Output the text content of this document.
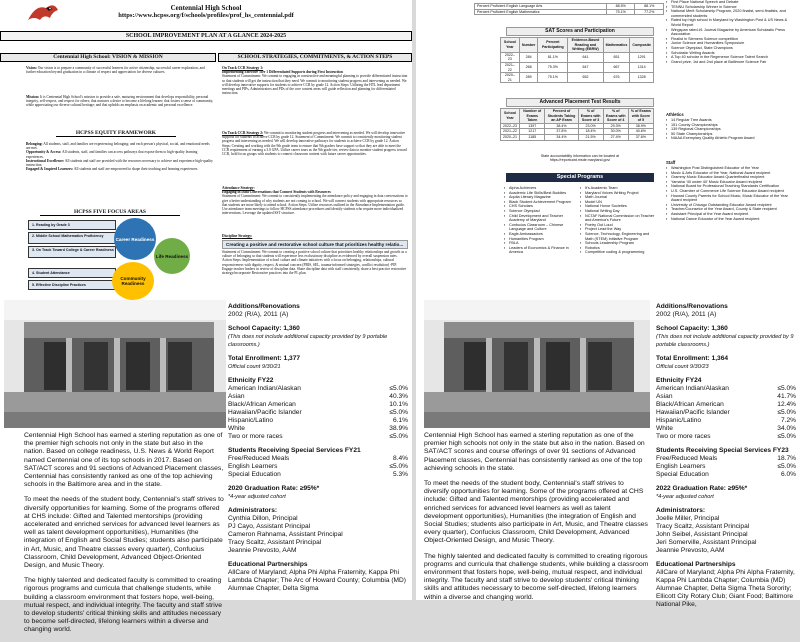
Centennial High School
https://www.hcpss.org/f/schools/profiles/prof_hs_centennial.pdf
SCHOOL IMPROVEMENT PLAN AT A GLANCE 2024-2025
Centennial High School: VISION & MISSION	SCHOOL STRATEGIES, COMMITMENTS, & ACTION STEPS
Vision: Our vision is to prepare a community of successful learners for active citizenship, successful career exploration, and further education beyond graduation in a climate of respect and appreciation for diverse cultures.
Mission: It is Centennial High School's mission to provide a safe, nurturing environment that develops responsibility, personal integrity, self-respect, and respect for others; that nurtures a desire to become a lifelong learner; that fosters a sense of community, while appreciating our diverse cultural heritage; and that upholds an emphasis on academic and personal excellence.
HCPSS EQUITY FRAMEWORK
Belonging: All students, staff, and families are experiencing belonging; and each person's physical, social, and emotional needs are met.
Opportunity & Access: All students, staff, and families can access pathways that expose them to high-quality learning experiences.
Instructional Excellence: All students and staff are provided with the resources necessary to achieve and experience high-quality instruction.
Engaged & Inspired Learners: All students and staff are empowered to shape their teaching and learning experiences.
HCPSS FIVE FOCUS AREAS
1. Reading by Grade 3
2. Middle School Mathematics Proficiency
3. On Track Toward College & Career Readiness
4. Student Attendance
5. Effective Discipline Practices
Career Readiness
Life Readiness
Community Readiness
On Track CCR Strategy 1:
Implementing Effective Tier 1 Differentiated Supports during First Instruction
Statement of Commitment: We commit to engaging in constructive and meaningful planning to provide differentiated instruction so that students will get the instruction that they need. We commit to monitoring student progress and intervening as needed. We will develop innovative supports for students to achieve CCR by grade 12. Action Steps: Utilizing the HTL lead department meetings and PIPs, Administrators and PDs of the core content areas will guide reflection and planning for differentiated instruction.
On Track CCR Strategy 2: We commit to monitoring student progress and intervening as needed. We will develop innovative supports for students to achieve CCR by grade 12. Statement of Commitment: We commit to consistently monitoring student progress and intervening as needed. We will develop innovative pathways for students to achieve CCR by grade 12. Action Steps: Creating and working with the 9th grade team to ensure that 9th graders have support so that they are able to meet the CCR requirement of earning a 3.0 GPA. Utilize career tours as the 9th grade tier, review data to monitor student progress toward CCR, hold focus groups with students to connect classroom content with future career opportunities.
Attendance Strategy:
Engaging in Data Conversations that Connect Students with Resources
Statement of Commitment: We commit to consistently implementing the attendance policy and engaging in data conversations to give a better understanding of why students are not coming to school. We will connect students with appropriate resources so that students are more likely to attend school. Action Steps: Utilize resources outlined in the Attendance Implementation guide. Use attendance team meetings to follow HCPSS attendance procedures and identify students who require more individualized interventions. Leverage the updated SST structure.
Discipline Strategy:
Creating a positive and restorative school culture that prioritizes healthy relatio...
Statement of Commitment: We commit to creating a positive school culture that prioritizes healthy relationships and growth as a culture of belonging so that students will experience less exclusionary discipline as evidenced by overall suspension rates. Action Steps: Implementation of school culture and climate initiatives with a focus on belonging, relationships, cultural responsiveness with dignity, respect, & mutual concern (PBIS, SEL, trauma-informed strategies, conflict resolution) -PIP. Engage teacher leaders in review of discipline data. Share discipline data with staff consistently, share a best practice restorative strategy/incorporate Restorative practices into the PL plan.
Percent Proficient English Language Arts	88.5%	88.1%
Percent Proficient English Mathematics	75.1%	77.2%
SAT Scores and Participation
School Year	Number	Percent Participating	Evidence-Based Reading and Writing (EBRW)	Mathematics	Composite
2022–23	284	81.1%	641	651	1291
2021–22	268	75.3%	647	667	1314
2020–21	289	75.1%	652	676	1328
Advanced Placement Test Results
School Year	Number of Exams Taken	Percent of Students Taking an AP Exam	% of Exams with Score of 3	% of Exams with Score of 4	% of Exams with Score of 5
2022–23	1397	38.4%	23.0%	29.3%	38.9%
2021–22	1217	37.8%	18.4%	30.0%	40.6%
2020–21	1185	34.4%	21.5%	27.4%	37.6%
State accountability information can be located at https://reportcard.msde.maryland.gov/
Special Programs
▪ Alpha Achievers
▪ Academic Life Skills/Best Buddies
▪ Aquila Literary Magazine
▪ Black Student Achievement Program
▪ CHS Scholars
▪ Science Olympiad
▪ Child Development and Teacher Academy of Maryland
▪ Confucius Classroom – Chinese Language and Culture
▪ Eagle Ambassadors
▪ Humanities Program
▪ FBLA
▪ Leaders of Economics & Finance in America
▪ It's Academic Team
▪ Maryland Voices Writing Project
▪ Math Journal
▪ Model UN
▪ National Honor Societies
▪ National Writing Day
▪ NCTAF National Commission on Teacher and America's Future
▪ Poetry Out Loud
▪ Project Lead the Way
▪ Science, Technology, Engineering and Math (STEM) Initiative Program
▪ Schools Leadership Program
▪ Robotics
▪ Competitive coding & programming
▪ First Place National Speech and Debate
▪ TENNU Scholarship Winner in Science
▪ National Merit Scholarship Program, 2020 finalist, semi-finalists, and commended students
▪ Rated top high school in Maryland by Washington Post & US News & World Report
▪ Wingspan rated #1 Journal Magazine by American Scholastic Press Association
▪ Finalist in Siemens Science competition
▪ Junior Science and Humanities Symposium
▪ Science Olympiad, State Champions
▪ Scholastic Writing Awards
▪ A Top 40 scholar in the Regeneron Science Talent Search
▪ Grand prize, 1st and 2nd place at Baltimore Science Fair
Athletics
▪ 14 Regular Tree Awards
▪ 151 County Championships
▪ 139 Regional Championships
▪ 50 State Championships
▪ NIAAA Exemplary Quality Athletic Program Award
Staff
▪ Washington Post Distinguished Educator of the Year
▪ Music & Arts Educator of the Year, National Award recipient
▪ Grammy Music Educator Award Quarterfinalist recipient
▪ Yamaha ‘40 under 40’ Music Educator Award recipient
▪ National Board for Professional Teaching Standards Certification
▪ U.S. Chamber of Commerce Life Science Educator Award recipient
▪ Howard County Parents for School Music, Music Educator of the Year Award recipient
▪ University of Chicago Outstanding Educator Award recipient
▪ Teacher/Counselor of the Year Award, County & State recipient
▪ Assistant Principal of the Year Award recipient
▪ National Dance Educator of the Year Award recipient
Additions/Renovations
2002 (R/A), 2011 (A)
School Capacity: 1,360
(This does not include additional capacity provided by 9 portable classrooms.)
Total Enrollment: 1,377
Official count 9/30/21
Ethnicity FY22
American Indian/Alaskan	≤5.0%
Asian	40.3%
Black/African American	10.1%
Hawaiian/Pacific Islander	≤5.0%
Hispanic/Latino	6.1%
White	38.9%
Two or more races	≤5.0%
Students Receiving Special Services FY21
Free/Reduced Meals	8.4%
English Learners	≤5.0%
Special Education	5.3%
2020 Graduation Rate: ≥95%*
*4-year adjusted cohort
Administrators:
Cynthia Dillon, Principal
PJ Cayo, Assistant Principal
Cameron Rahnama, Assistant Principal
Tracy Scaltz, Assistant Principal
Jeannie Prevosto, AAM
Educational Partnerships
AllCare of Maryland; Alpha Phi Alpha Fraternity, Kappa Phi Lambda Chapter; The Arc of Howard County; Columbia (MD) Alumnae Chapter, Delta Sigma

Centennial High School has earned a sterling reputation as one of the premier high schools not only in the state but also in the nation. Based on college readiness, U.S. News & World Report named Centennial one of its top schools in 2017. Based on SAT/ACT scores and 91 sections of Advanced Placement classes, Centennial has consistently ranked as one of the top achieving schools in the Baltimore area and in the state.

To meet the needs of the student body, Centennial's staff strives to diversify opportunities for learning. Some of the programs offered at CHS include: Gifted and Talented mentorships (providing accelerated and enriched services for advanced level learners as well as talent development opportunities), Humanities (the integration of English and Social Studies; students also participate in Art, Music, and Theatre classes every quarter), Confucius Classroom, Child Development, Advanced Object-Oriented Design, and Music Theory.

The highly talented and dedicated faculty is committed to creating rigorous programs and curricula that challenge students, while building a classroom environment that fosters hope, well-being, mutual respect, and individual integrity. The faculty and staff strive to develop students' critical thinking skills and attitudes necessary to become self-directed, lifelong learners within a diverse and changing world.

Additions/Renovations
2002 (R/A), 2011 (A)
School Capacity: 1,360
(This does not include additional capacity provided by 9 portable classrooms.)
Total Enrollment: 1,364
Official count 9/30/23
Ethnicity FY24
American Indian/Alaskan	≤5.0%
Asian	41.7%
Black/African American	12.4%
Hawaiian/Pacific Islander	≤5.0%
Hispanic/Latino	7.2%
White	34.0%
Two or more races	≤5.0%
Students Receiving Special Services FY23
Free/Reduced Meals	18.7%
English Learners	≤5.0%
Special Education	6.0%
2022 Graduation Rate: ≥95%*
*4-year adjusted cohort
Administrators:
Joelle Miller, Principal
Tracy Scaltz, Assistant Principal
John Seibel, Assistant Principal
Jeri Somerville, Assistant Principal
Jeannie Prevosto, AAM
Educational Partnerships
AllCare of Maryland; Alpha Phi Alpha Fraternity, Kappa Phi Lambda Chapter; Columbia (MD) Alumnae Chapter, Delta Sigma Theta Sorority; Ellicott City Rotary Club; Giant Food; Baltimore National Pike,

Centennial High School has earned a sterling reputation as one of the premier high schools not only in the state but also in the nation. Based on SAT/ACT scores and course offerings of over 91 sections of Advanced Placement classes, Centennial has consistently ranked as one of the top achieving schools in the state.

To meet the needs of the student body, Centennial's staff strives to diversify opportunities for learning. Some of the programs offered at CHS include: Gifted and Talented mentorships (providing accelerated and enriched services for advanced level learners as well as talent development opportunities), Humanities (the integration of English and Social Studies; students also participate in Art, Music, and Theatre classes every quarter), Confucius Classroom, Child Development, Advanced Object-Oriented Design, and Music Theory.

The highly talented and dedicated faculty is committed to creating rigorous programs and curricula that challenge students, while building a classroom environment that fosters hope, well-being, mutual respect, and individual integrity. The faculty and staff strive to develop students' critical thinking skills and attitudes necessary to become self-directed, lifelong learners within a diverse and changing world.
